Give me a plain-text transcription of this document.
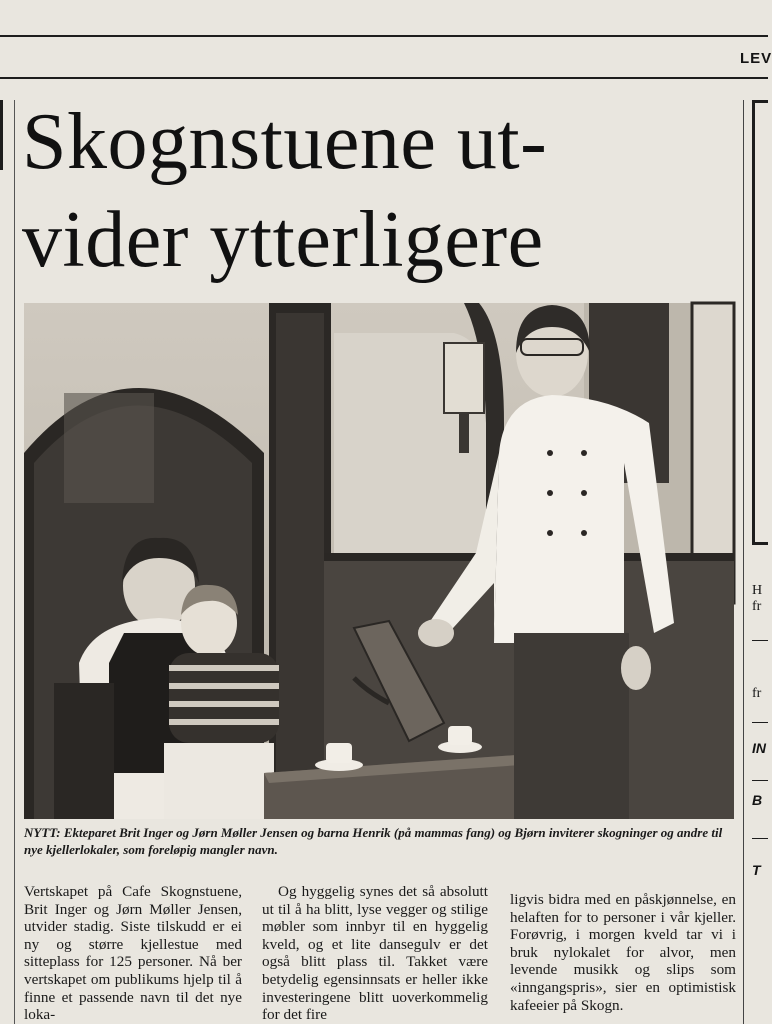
LEV
Skognstuene ut-
vider ytterligere
NYTT: Ekteparet Brit Inger og Jørn Møller Jensen og barna Henrik (på mammas fang) og Bjørn inviterer skogninger og andre til nye kjellerlokaler, som foreløpig mangler navn.

Vertskapet på Cafe Skognstuene, Brit Inger og Jørn Møller Jensen, utvider stadig. Siste tilskudd er ei ny og større kjellestue med sitteplass for 125 personer. Nå ber vertskapet om publikums hjelp til å finne et passende navn til det nye loka-

Og hyggelig synes det så absolutt ut til å ha blitt, lyse vegger og stilige møbler som innbyr til en hyggelig kveld, og et lite dansegulv er det også blitt plass til. Takket være betydelig egensinnsats er heller ikke investeringene blitt uoverkommelig for det fire

ligvis bidra med en påskjønnelse, en helaften for to personer i vår kjeller. Forøvrig, i morgen kveld tar vi i bruk nylokalet for alvor, men levende musikk og slips som «inngangspris», sier en optimistisk kafeeier på Skogn.

H
fr
fr
IN
B
T
